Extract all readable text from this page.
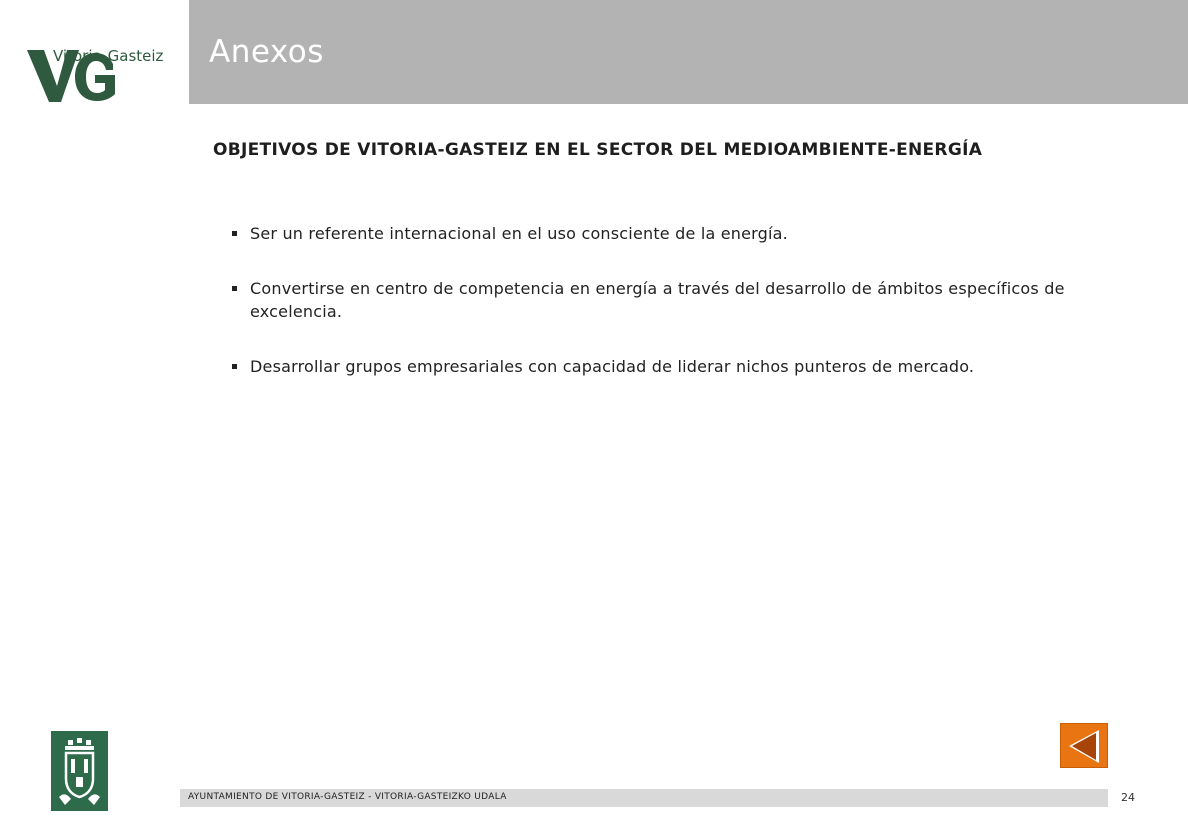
Anexos
Vitoria-Gasteiz
OBJETIVOS DE VITORIA-GASTEIZ EN EL SECTOR DEL MEDIOAMBIENTE-ENERGÍA
Ser un referente internacional en el uso consciente de la energía.
Convertirse en centro de competencia en energía a través del desarrollo de ámbitos específicos de excelencia.
Desarrollar grupos empresariales con capacidad de liderar nichos punteros de mercado.
AYUNTAMIENTO DE VITORIA-GASTEIZ - VITORIA-GASTEIZKO UDALA	24
